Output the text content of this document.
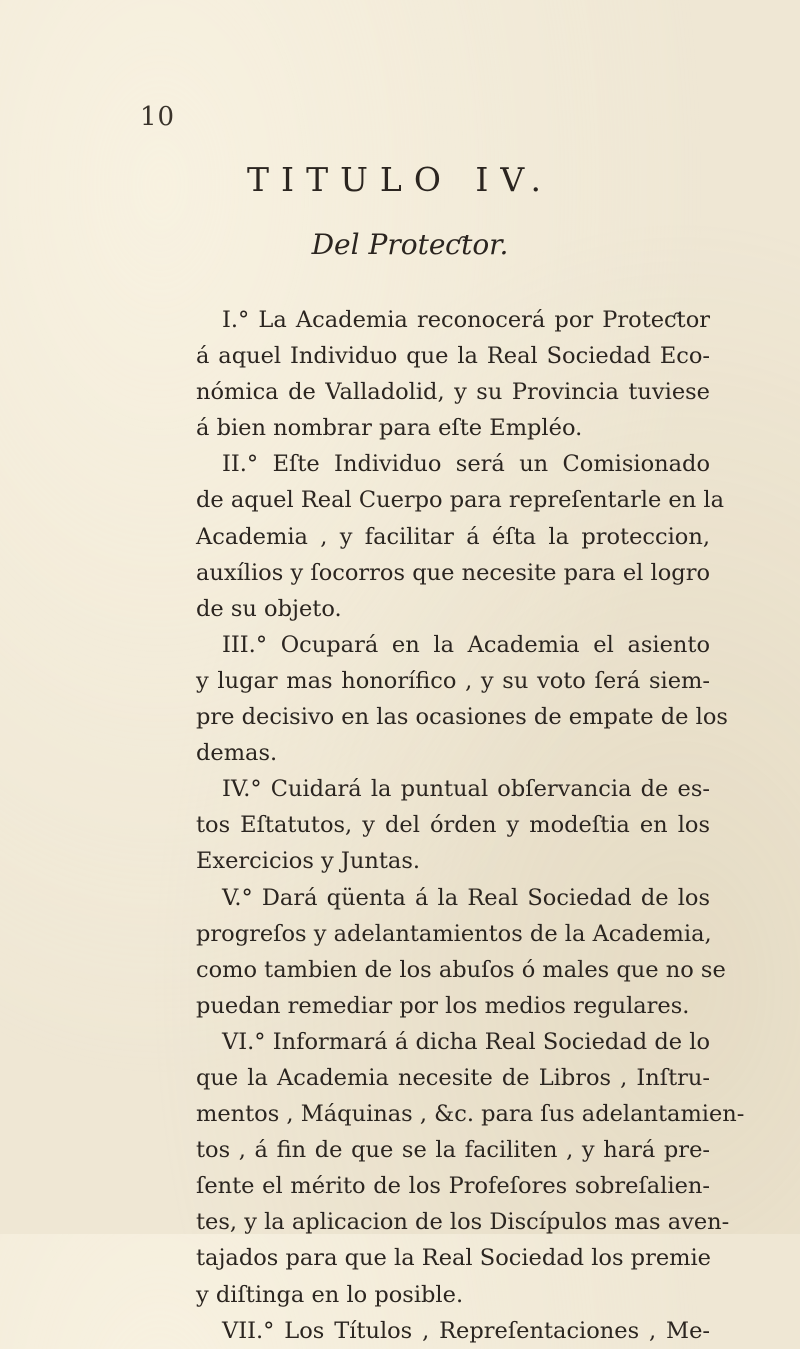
10
TITULO IV.
Del Proteƈtor.
I.° La Academia reconocerá por Proteƈtor
á aquel Individuo que la Real Sociedad Eco-
nómica de Valladolid, y su Provincia tuviese
á bien nombrar para eſte Empléo.
II.° Eſte Individuo será un Comisionado
de aquel Real Cuerpo para repreſentarle en la
Academia , y facilitar á éſta la proteccion,
auxílios y ſocorros que necesite para el logro
de su objeto.
III.° Ocupará en la Academia el asiento
y lugar mas honorífico , y su voto ſerá siem-
pre decisivo en las ocasiones de empate de los
demas.
IV.° Cuidará la puntual obſervancia de es-
tos Eſtatutos, y del órden y modeſtia en los
Exercicios y Juntas.
V.° Dará qüenta á la Real Sociedad de los
progreſos y adelantamientos de la Academia,
como tambien de los abuſos ó males que no se
puedan remediar por los medios regulares.
VI.° Informará á dicha Real Sociedad de lo
que la Academia necesite de Libros , Inſtru-
mentos , Máquinas , &c. para ſus adelantamien-
tos , á fin de que se la faciliten , y hará pre-
ſente el mérito de los Profeſores sobreſalien-
tes, y la aplicacion de los Discípulos mas aven-
tajados para que la Real Sociedad los premie
y diſtinga en lo posible.
VII.° Los Títulos , Repreſentaciones , Me-
